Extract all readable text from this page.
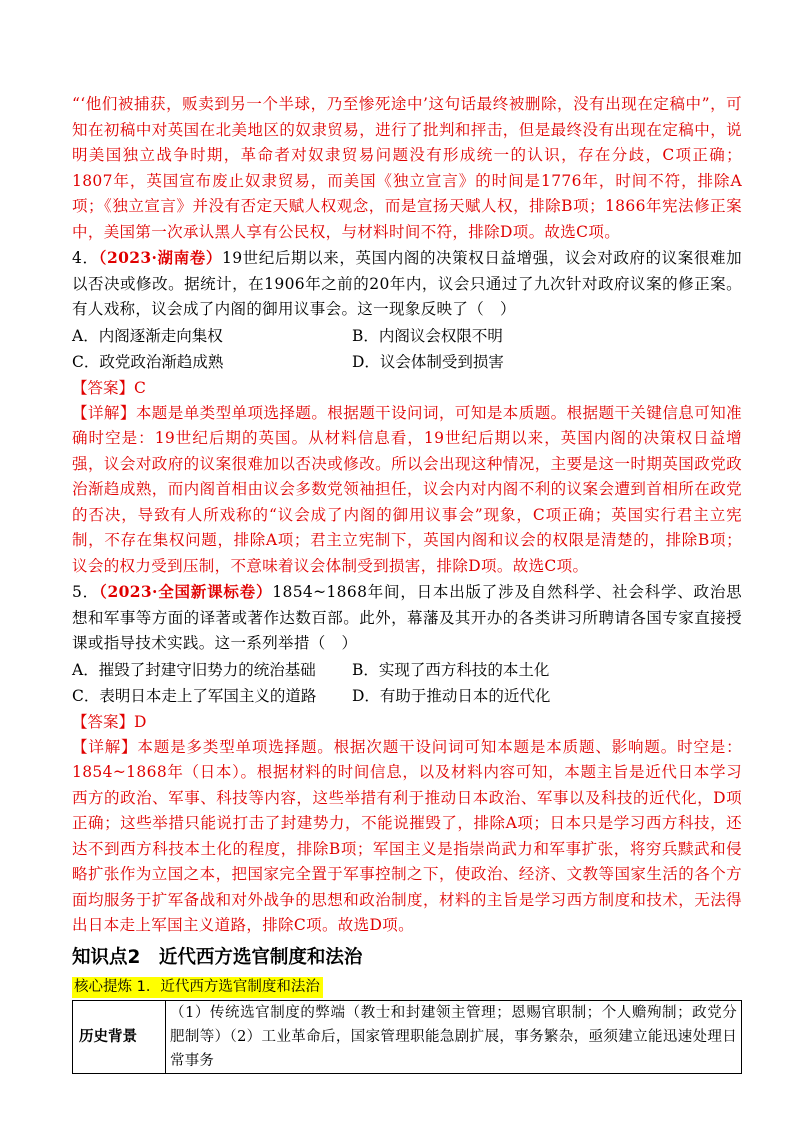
“‘他们被捕获，贩卖到另一个半球，乃至惨死途中’这句话最终被删除，没有出现在定稿中”，可知在初稿中对英国在北美地区的奴隶贸易，进行了批判和抨击，但是最终没有出现在定稿中，说明美国独立战争时期，革命者对奴隶贸易问题没有形成统一的认识，存在分歧，C项正确；1807年，英国宣布废止奴隶贸易，而美国《独立宣言》的时间是1776年，时间不符，排除A项；《独立宣言》并没有否定天赋人权观念，而是宣扬天赋人权，排除B项；1866年宪法修正案中，美国第一次承认黑人享有公民权，与材料时间不符，排除D项。故选C项。

4．（2023·湖南卷）19世纪后期以来，英国内阁的决策权日益增强，议会对政府的议案很难加以否决或修改。据统计，在1906年之前的20年内，议会只通过了九次针对政府议案的修正案。有人戏称，议会成了内阁的御用议事会。这一现象反映了（　）

A．内阁逐渐走向集权	B．内阁议会权限不明
C．政党政治渐趋成熟	D．议会体制受到损害
【答案】C

【详解】本题是单类型单项选择题。根据题干设问词，可知是本质题。根据题干关键信息可知准确时空是：19世纪后期的英国。从材料信息看，19世纪后期以来，英国内阁的决策权日益增强，议会对政府的议案很难加以否决或修改。所以会出现这种情况，主要是这一时期英国政党政治渐趋成熟，而内阁首相由议会多数党领袖担任，议会内对内阁不利的议案会遭到首相所在政党的否决，导致有人所戏称的“议会成了内阁的御用议事会”现象，C项正确；英国实行君主立宪制，不存在集权问题，排除A项；君主立宪制下，英国内阁和议会的权限是清楚的，排除B项；议会的权力受到压制，不意味着议会体制受到损害，排除D项。故选C项。

5．（2023·全国新课标卷）1854~1868年间，日本出版了涉及自然科学、社会科学、政治思想和军事等方面的译著或著作达数百部。此外，幕藩及其开办的各类讲习所聘请各国专家直接授课或指导技术实践。这一系列举措（　）

A．摧毁了封建守旧势力的统治基础	B．实现了西方科技的本土化
C．表明日本走上了军国主义的道路	D．有助于推动日本的近代化
【答案】D

【详解】本题是多类型单项选择题。根据次题干设问词可知本题是本质题、影响题。时空是：1854~1868年（日本）。根据材料的时间信息，以及材料内容可知，本题主旨是近代日本学习西方的政治、军事、科技等内容，这些举措有利于推动日本政治、军事以及科技的近代化，D项正确；这些举措只能说打击了封建势力，不能说摧毁了，排除A项；日本只是学习西方科技，还达不到西方科技本土化的程度，排除B项；军国主义是指崇尚武力和军事扩张，将穷兵黩武和侵略扩张作为立国之本，把国家完全置于军事控制之下，使政治、经济、文教等国家生活的各个方面均服务于扩军备战和对外战争的思想和政治制度，材料的主旨是学习西方制度和技术，无法得出日本走上军国主义道路，排除C项。故选D项。

知识点2　近代西方选官制度和法治
核心提炼 1．近代西方选官制度和法治
历史背景	（1）传统选官制度的弊端（教士和封建领主管理；恩赐官职制；个人赡殉制；政党分肥制等）（2）工业革命后，国家管理职能急剧扩展，事务繁杂，亟须建立能迅速处理日常事务
